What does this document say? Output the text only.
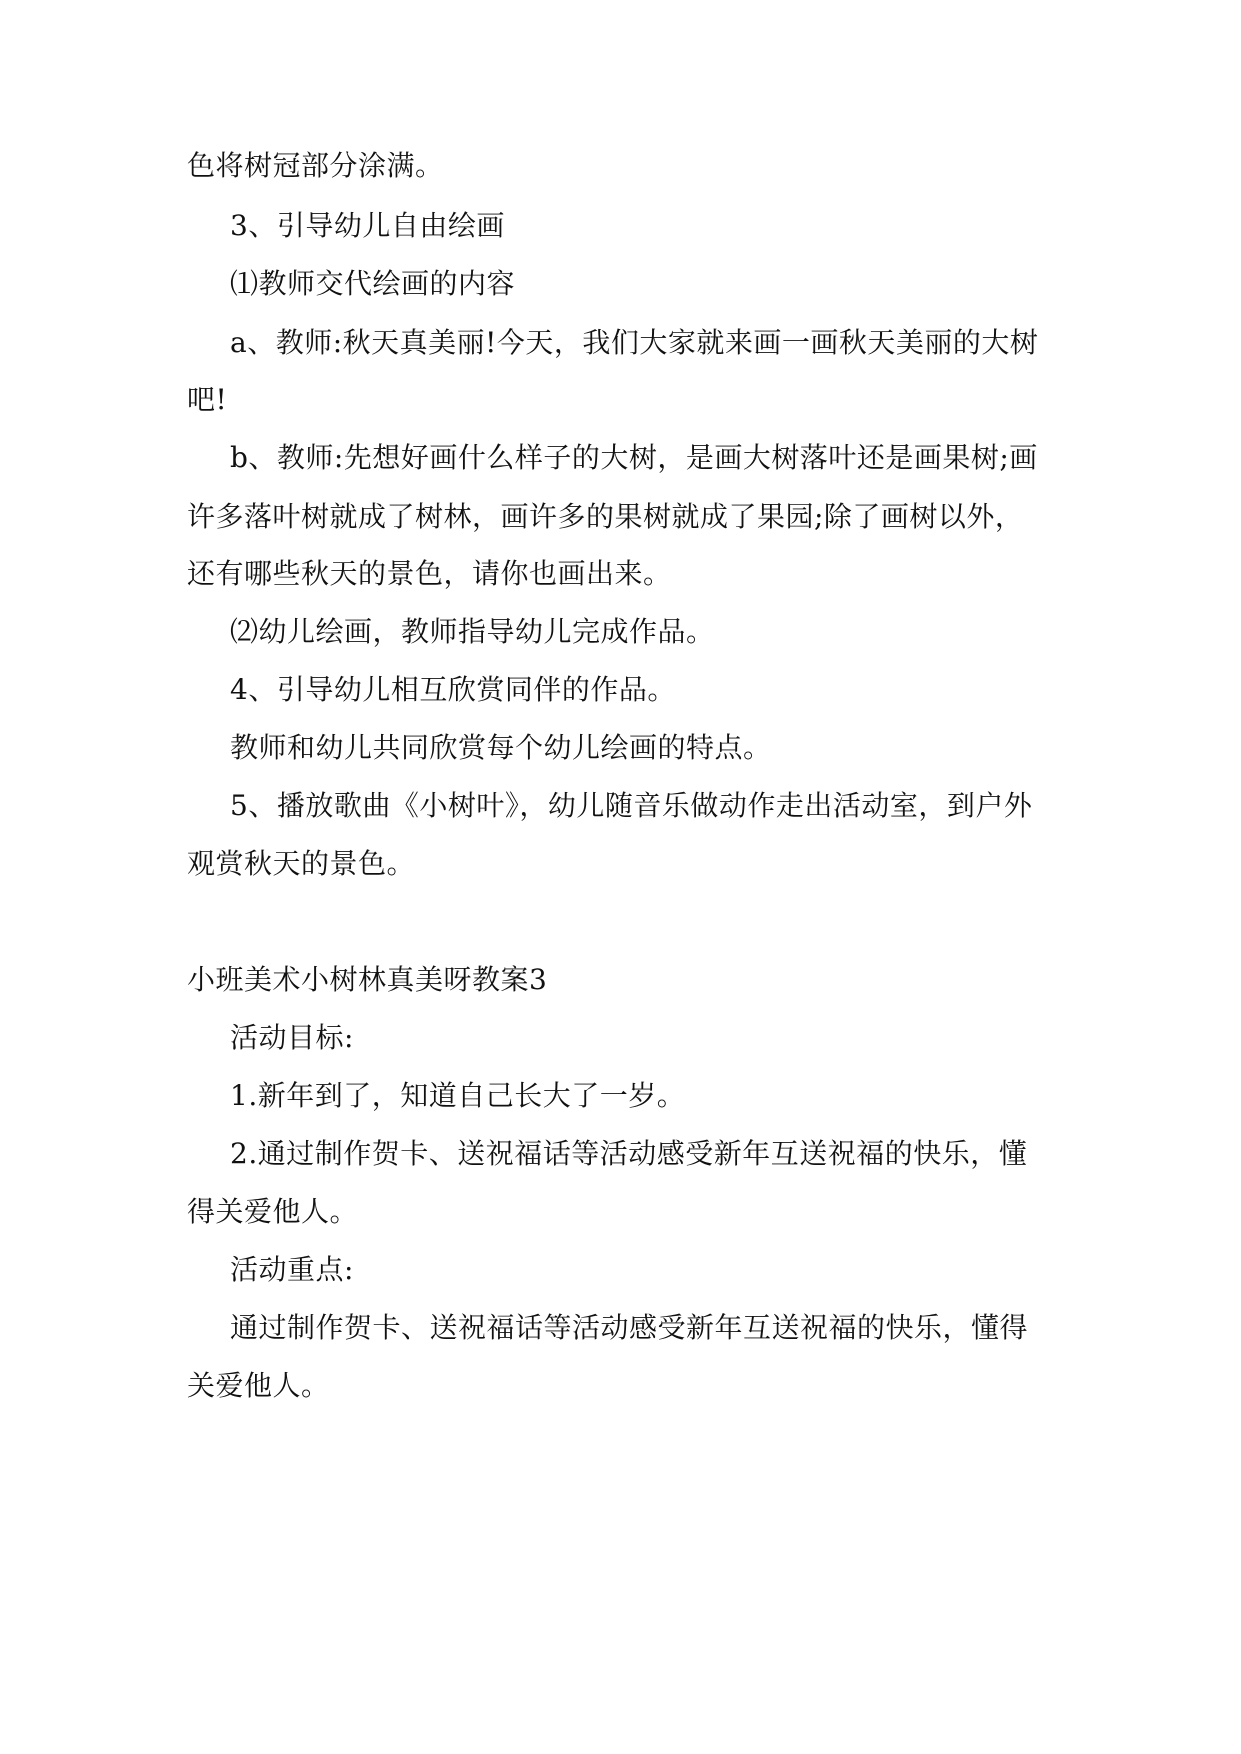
色将树冠部分涂满。
3、引导幼儿自由绘画
⑴教师交代绘画的内容
a、教师:秋天真美丽!今天，我们大家就来画一画秋天美丽的大树
吧!
b、教师:先想好画什么样子的大树，是画大树落叶还是画果树;画
许多落叶树就成了树林，画许多的果树就成了果园;除了画树以外，
还有哪些秋天的景色，请你也画出来。
⑵幼儿绘画，教师指导幼儿完成作品。
4、引导幼儿相互欣赏同伴的作品。
教师和幼儿共同欣赏每个幼儿绘画的特点。
5、播放歌曲《小树叶》，幼儿随音乐做动作走出活动室，到户外
观赏秋天的景色。
小班美术小树林真美呀教案3
活动目标:
1.新年到了，知道自己长大了一岁。
2.通过制作贺卡、送祝福话等活动感受新年互送祝福的快乐，懂
得关爱他人。
活动重点:
通过制作贺卡、送祝福话等活动感受新年互送祝福的快乐，懂得
关爱他人。
